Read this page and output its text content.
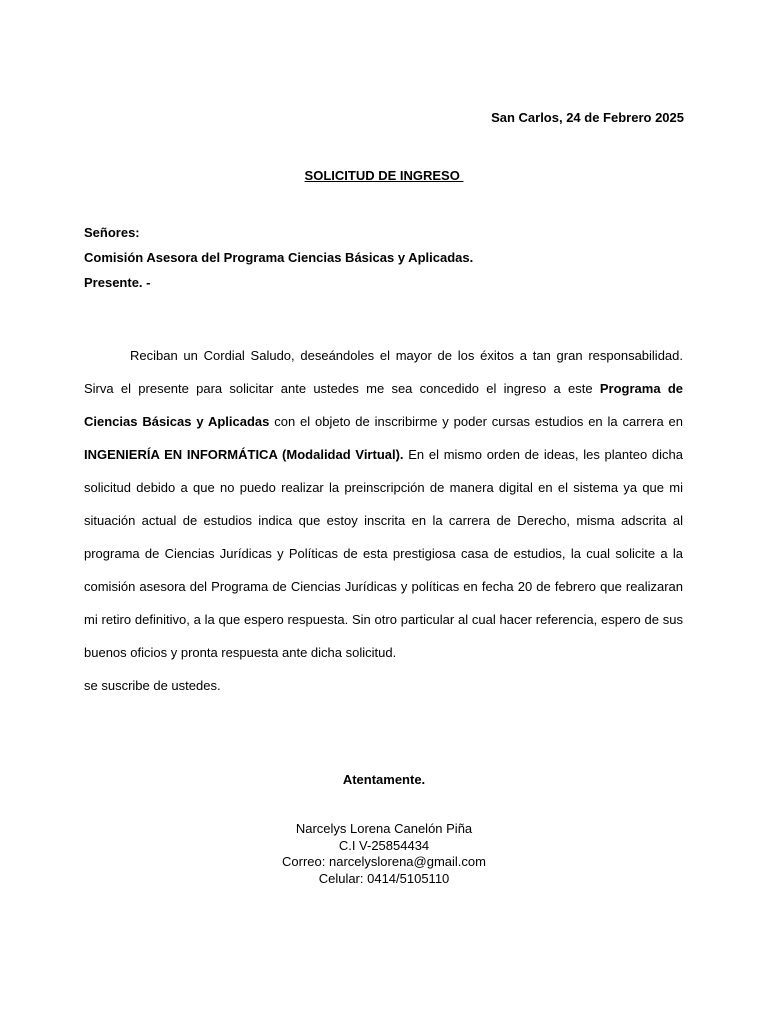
San Carlos, 24 de Febrero 2025
SOLICITUD DE INGRESO
Señores:
Comisión Asesora del Programa Ciencias Básicas y Aplicadas.
Presente. -

Reciban un Cordial Saludo, deseándoles el mayor de los éxitos a tan gran responsabilidad. Sirva el presente para solicitar ante ustedes me sea concedido el ingreso a este Programa de Ciencias Básicas y Aplicadas con el objeto de inscribirme y poder cursas estudios en la carrera en INGENIERÍA EN INFORMÁTICA (Modalidad Virtual). En el mismo orden de ideas, les planteo dicha solicitud debido a que no puedo realizar la preinscripción de manera digital en el sistema ya que mi situación actual de estudios indica que estoy inscrita en la carrera de Derecho, misma adscrita al programa de Ciencias Jurídicas y Políticas de esta prestigiosa casa de estudios, la cual solicite a la comisión asesora del Programa de Ciencias Jurídicas y políticas en fecha 20 de febrero que realizaran mi retiro definitivo, a la que espero respuesta. Sin otro particular al cual hacer referencia, espero de sus buenos oficios y pronta respuesta ante dicha solicitud.

se suscribe de ustedes.
Atentamente.
Narcelys Lorena Canelón Piña
C.I V-25854434
Correo: narcelyslorena@gmail.com
Celular: 0414/5105110
